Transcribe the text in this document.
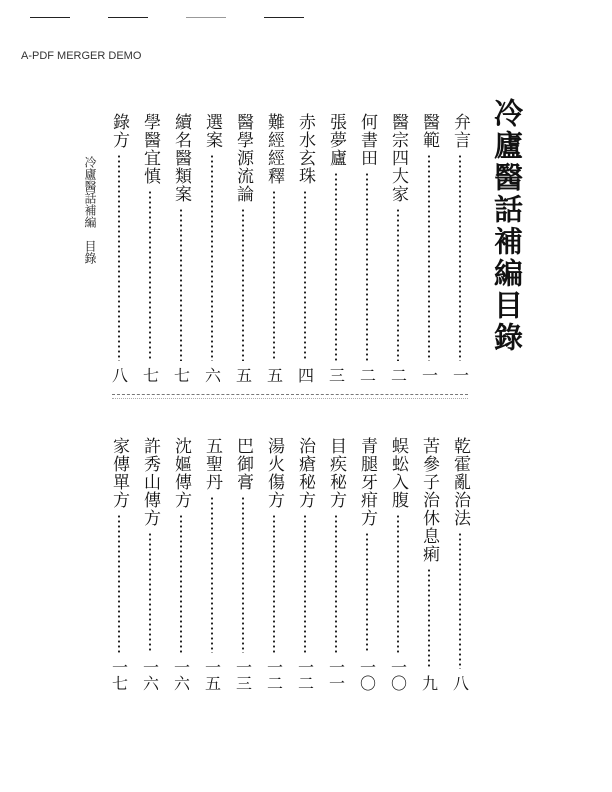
A-PDF MERGER DEMO
冷廬醫話補編目錄
弁言
一
醫範
一
醫宗四大家
二
何書田
二
張夢廬
三
赤水玄珠
四
難經經釋
五
醫學源流論
五
選案
六
續名醫類案
七
學醫宜慎
七
錄方
八
乾霍亂治法
八
苦參子治休息痢
九
蜈蚣入腹
一〇
青腿牙疳方
一〇
目疾秘方
一一
治瘡秘方
一二
湯火傷方
一二
巴御膏
一三
五聖丹
一五
沈嫗傳方
一六
許秀山傳方
一六
家傳單方
一七
冷廬醫話補編目錄
